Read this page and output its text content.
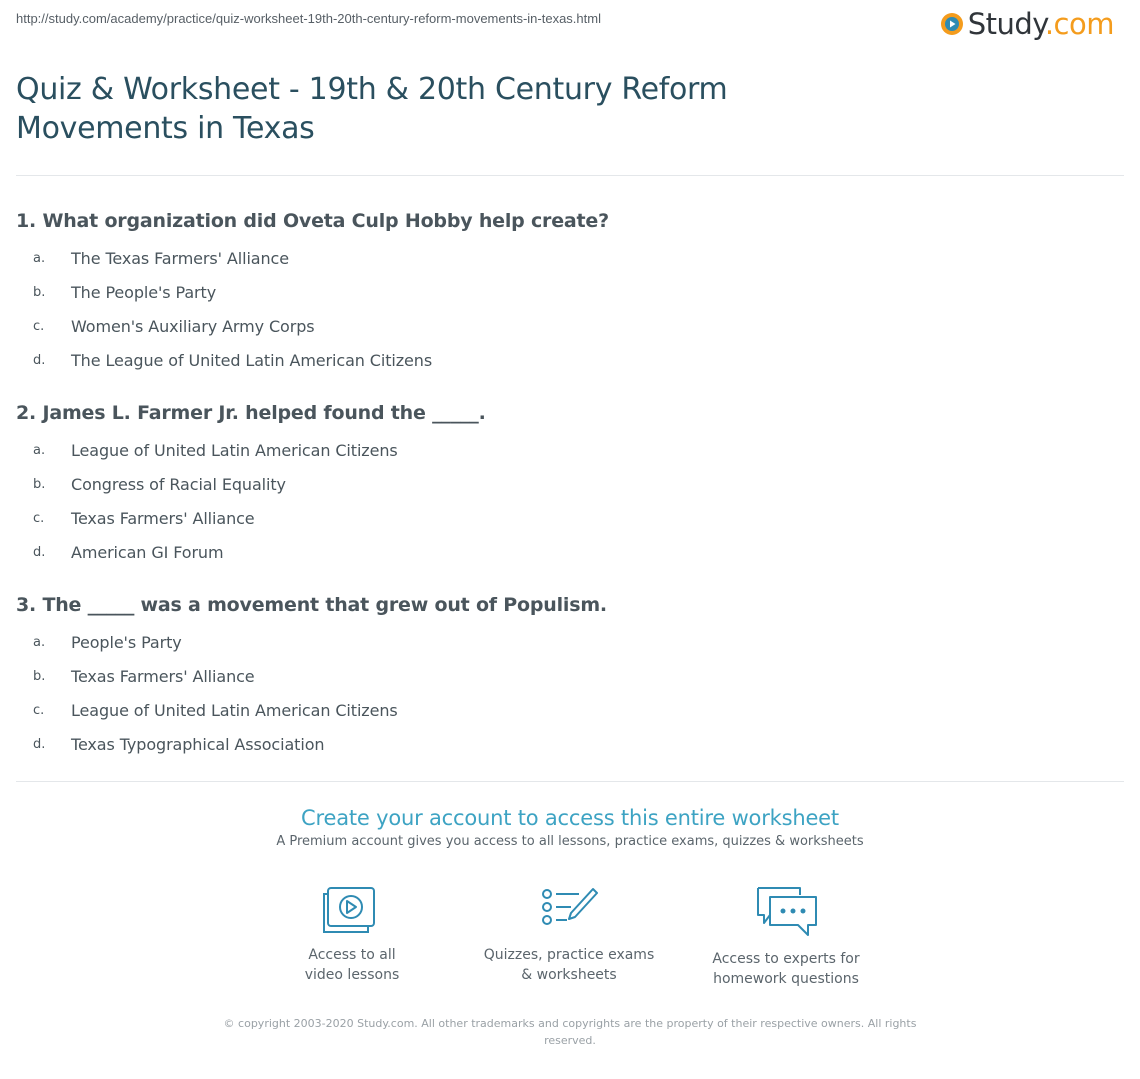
http://study.com/academy/practice/quiz-worksheet-19th-20th-century-reform-movements-in-texas.html	Study.com
Quiz & Worksheet - 19th & 20th Century Reform Movements in Texas
1. What organization did Oveta Culp Hobby help create?
a.	The Texas Farmers' Alliance
b.	The People's Party
c.	Women's Auxiliary Army Corps
d.	The League of United Latin American Citizens
2. James L. Farmer Jr. helped found the _____.
a.	League of United Latin American Citizens
b.	Congress of Racial Equality
c.	Texas Farmers' Alliance
d.	American GI Forum
3. The _____ was a movement that grew out of Populism.
a.	People's Party
b.	Texas Farmers' Alliance
c.	League of United Latin American Citizens
d.	Texas Typographical Association
Create your account to access this entire worksheet
A Premium account gives you access to all lessons, practice exams, quizzes & worksheets
Access to all
video lessons
Quizzes, practice exams
& worksheets
Access to experts for
homework questions
© copyright 2003-2020 Study.com. All other trademarks and copyrights are the property of their respective owners. All rights reserved.
